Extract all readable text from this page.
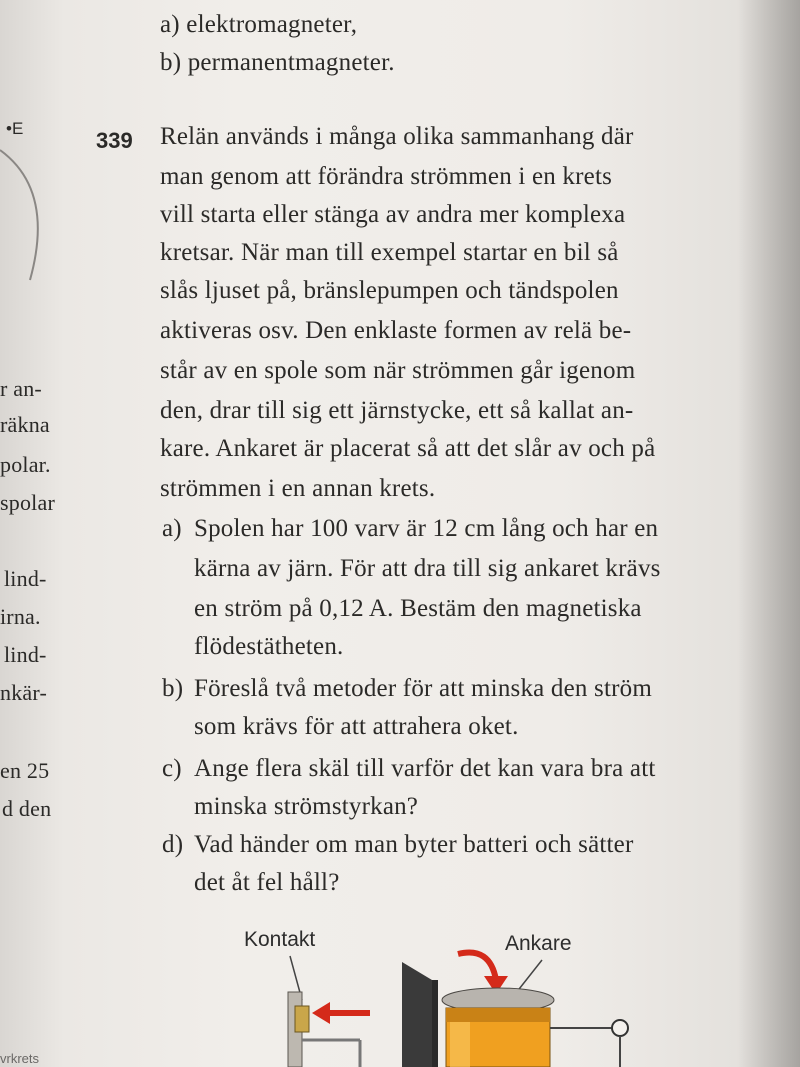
a) elektromagneter,
b) permanentmagneter.
•E
r an-
räkna
polar.
spolar
lind-
irna.
lind-
nkär-
en 25
d den
vrkrets
339 Relän används i många olika sammanhang där
man genom att förändra strömmen i en krets
vill starta eller stänga av andra mer komplexa
kretsar. När man till exempel startar en bil så
slås ljuset på, bränslepumpen och tändspolen
aktiveras osv. Den enklaste formen av relä be-
står av en spole som när strömmen går igenom
den, drar till sig ett järnstycke, ett så kallat an-
kare. Ankaret är placerat så att det slår av och på
strömmen i en annan krets.
a) Spolen har 100 varv är 12 cm lång och har en
kärna av järn. För att dra till sig ankaret krävs
en ström på 0,12 A. Bestäm den magnetiska
flödestätheten.
b) Föreslå två metoder för att minska den ström
som krävs för att attrahera oket.
c) Ange flera skäl till varför det kan vara bra att
minska strömstyrkan?
d) Vad händer om man byter batteri och sätter
det åt fel håll?
Kontakt	Ankare
